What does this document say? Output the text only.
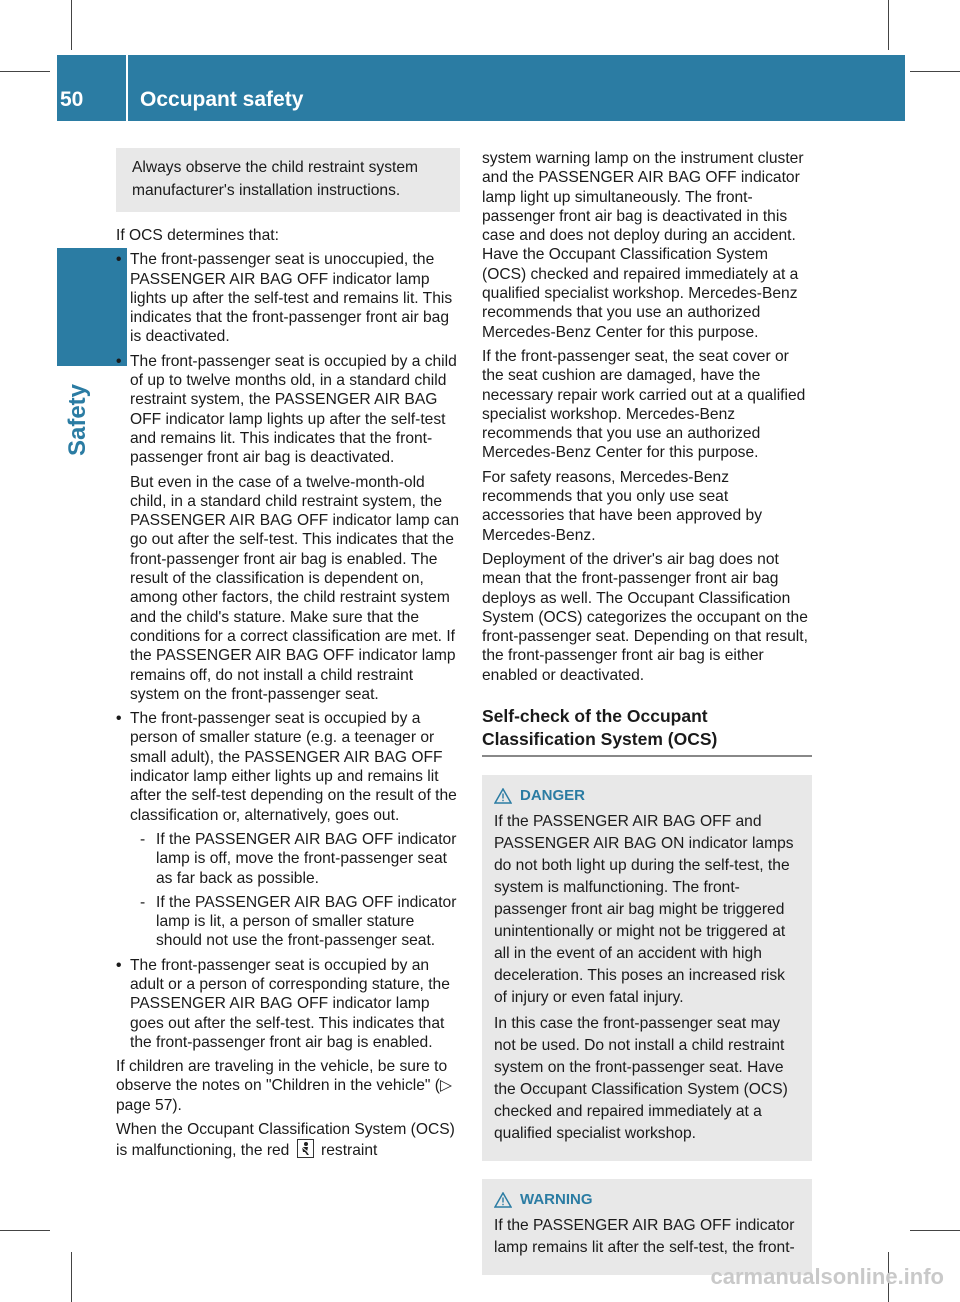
50	Occupant safety
Safety
Always observe the child restraint system manufacturer's installation instructions.

If OCS determines that:

• The front-passenger seat is unoccupied, the PASSENGER AIR BAG OFF indicator lamp lights up after the self-test and remains lit. This indicates that the front-passenger front air bag is deactivated.

• The front-passenger seat is occupied by a child of up to twelve months old, in a standard child restraint system, the PASSENGER AIR BAG OFF indicator lamp lights up after the self-test and remains lit. This indicates that the front-passenger front air bag is deactivated.

But even in the case of a twelve-month-old child, in a standard child restraint system, the PASSENGER AIR BAG OFF indicator lamp can go out after the self-test. This indicates that the front-passenger front air bag is enabled. The result of the classification is dependent on, among other factors, the child restraint system and the child's stature. Make sure that the conditions for a correct classification are met. If the PASSENGER AIR BAG OFF indicator lamp remains off, do not install a child restraint system on the front-passenger seat.

• The front-passenger seat is occupied by a person of smaller stature (e.g. a teenager or small adult), the PASSENGER AIR BAG OFF indicator lamp either lights up and remains lit after the self-test depending on the result of the classification or, alternatively, goes out.

- If the PASSENGER AIR BAG OFF indicator lamp is off, move the front-passenger seat as far back as possible.
- If the PASSENGER AIR BAG OFF indicator lamp is lit, a person of smaller stature should not use the front-passenger seat.

• The front-passenger seat is occupied by an adult or a person of corresponding stature, the PASSENGER AIR BAG OFF indicator lamp goes out after the self-test. This indicates that the front-passenger front air bag is enabled.

If children are traveling in the vehicle, be sure to observe the notes on "Children in the vehicle" (▷ page 57).

When the Occupant Classification System (OCS) is malfunctioning, the red restraint

system warning lamp on the instrument cluster and the PASSENGER AIR BAG OFF indicator lamp light up simultaneously. The front-passenger front air bag is deactivated in this case and does not deploy during an accident. Have the Occupant Classification System (OCS) checked and repaired immediately at a qualified specialist workshop. Mercedes-Benz recommends that you use an authorized Mercedes-Benz Center for this purpose.

If the front-passenger seat, the seat cover or the seat cushion are damaged, have the necessary repair work carried out at a qualified specialist workshop. Mercedes-Benz recommends that you use an authorized Mercedes-Benz Center for this purpose.

For safety reasons, Mercedes-Benz recommends that you only use seat accessories that have been approved by Mercedes-Benz.

Deployment of the driver's air bag does not mean that the front-passenger front air bag deploys as well. The Occupant Classification System (OCS) categorizes the occupant on the front-passenger seat. Depending on that result, the front-passenger front air bag is either enabled or deactivated.

Self-check of the Occupant Classification System (OCS)
DANGER

If the PASSENGER AIR BAG OFF and PASSENGER AIR BAG ON indicator lamps do not both light up during the self-test, the system is malfunctioning. The front-passenger front air bag might be triggered unintentionally or might not be triggered at all in the event of an accident with high deceleration. This poses an increased risk of injury or even fatal injury.

In this case the front-passenger seat may not be used. Do not install a child restraint system on the front-passenger seat. Have the Occupant Classification System (OCS) checked and repaired immediately at a qualified specialist workshop.

WARNING

If the PASSENGER AIR BAG OFF indicator lamp remains lit after the self-test, the front-

carmanualsonline.info
